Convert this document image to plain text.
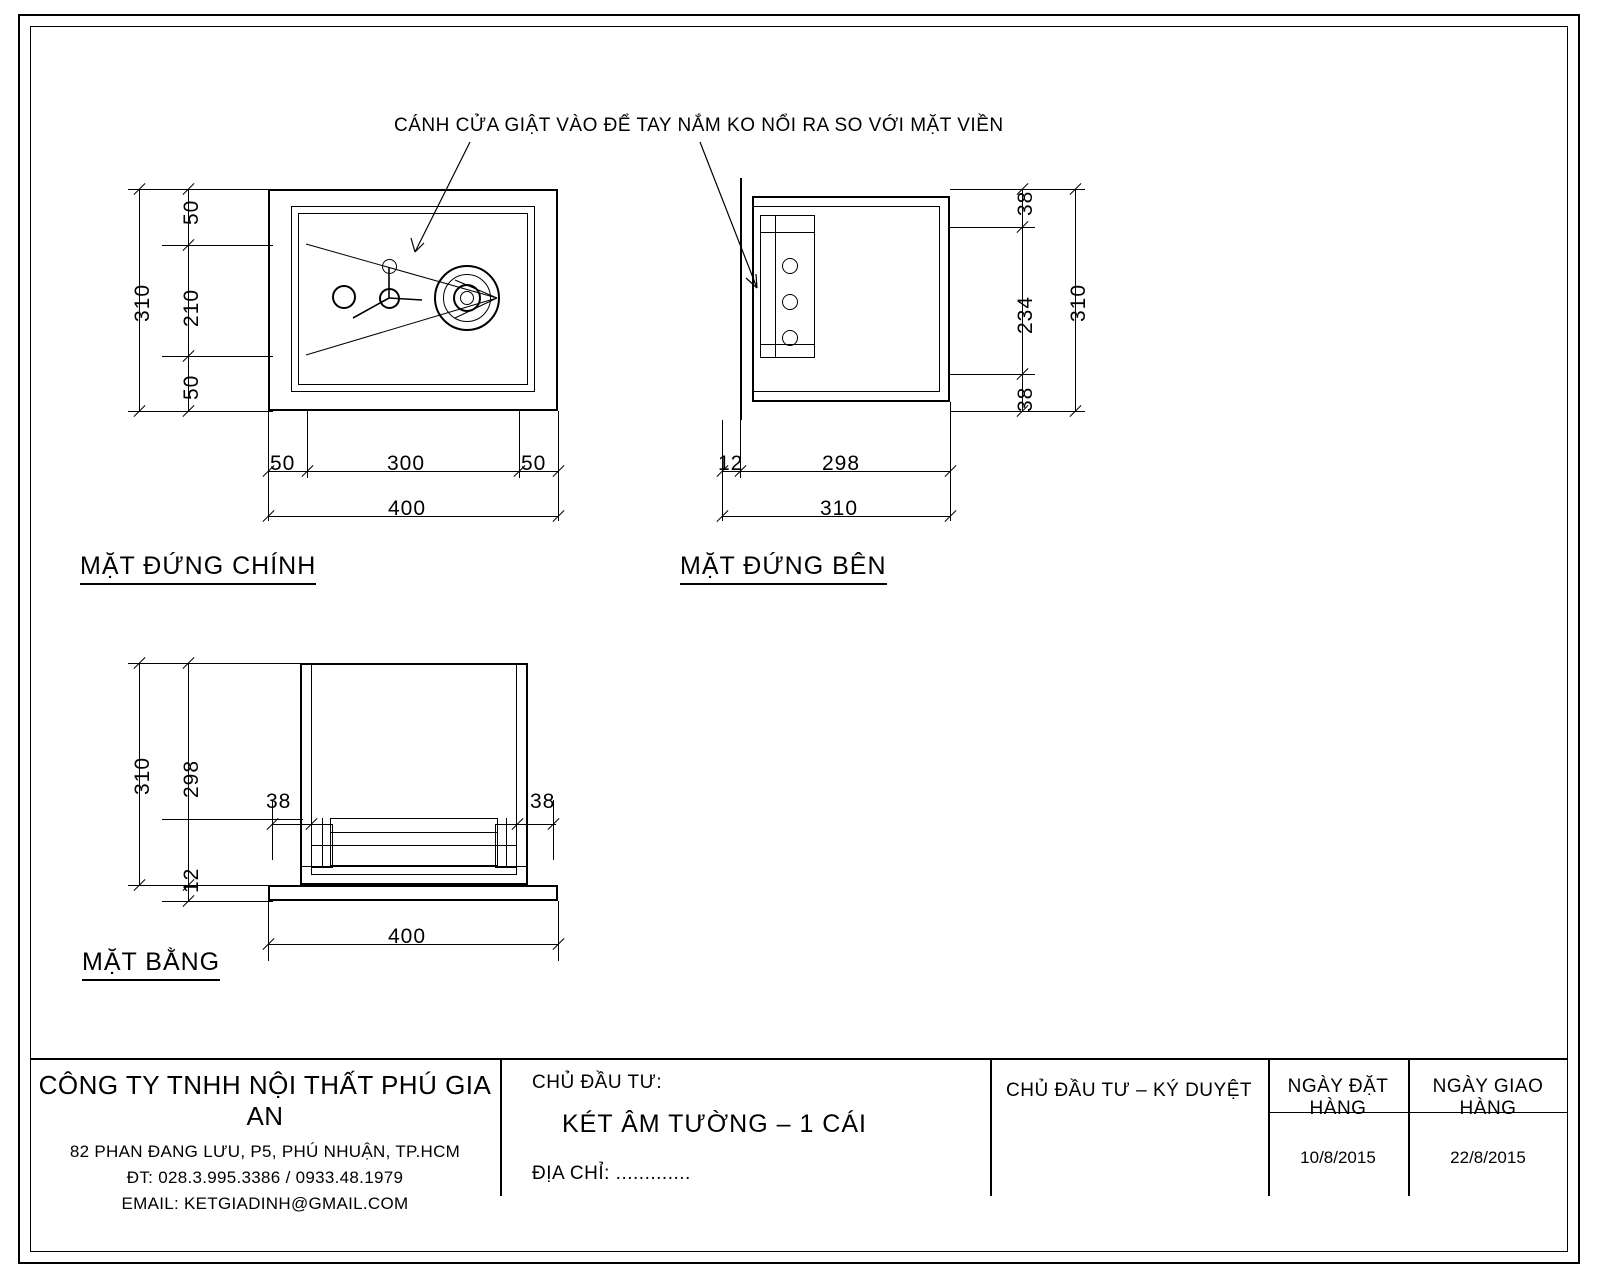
CÁNH CỬA GIẬT VÀO ĐỂ TAY NẮM KO NỔI RA SO VỚI MẶT VIỀN
310
50
210
50
50	300	50
400
MẶT ĐỨNG CHÍNH
38
234
38
310
12	298
310
MẶT ĐỨNG BÊN
310 298
12
38	38
400
MẶT BẰNG
CÔNG TY TNHH NỘI THẤT PHÚ GIA AN
82 PHAN ĐANG LƯU, P5, PHÚ NHUẬN, TP.HCM
ĐT: 028.3.995.3386 / 0933.48.1979
EMAIL: KETGIADINH@GMAIL.COM
CHỦ ĐẦU TƯ:
KÉT ÂM TƯỜNG – 1 CÁI
ĐỊA CHỈ: .............
CHỦ ĐẦU TƯ – KÝ DUYỆT	NGÀY ĐẶT HÀNG
10/8/2015
NGÀY GIAO HÀNG
22/8/2015
